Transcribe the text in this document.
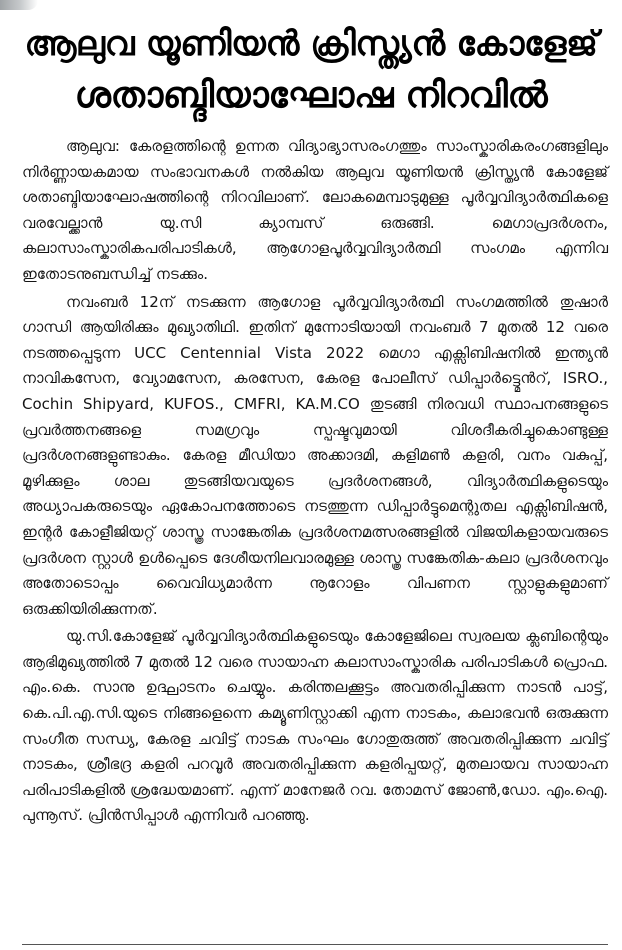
ആലുവ യൂണിയൻ ക്രിസ്ത്യൻ കോളേജ്
ശതാബ്ദിയാഘോഷ നിറവിൽ

ആലുവ: കേരളത്തിന്റെ ഉന്നത വിദ്യാഭ്യാസരംഗത്തും സാംസ്കാരികരംഗങ്ങളിലും നിർണ്ണായകമായ സംഭാവനകൾ നൽകിയ ആലുവ യൂണിയൻ ക്രിസ്ത്യൻ കോളേജ് ശതാബ്ദിയാഘോഷത്തിന്റെ നിറവിലാണ്. ലോകമെമ്പാടുമുള്ള പൂർവ്വവിദ്യാർത്ഥികളെ വരവേല്ക്കാൻ യു.സി ക്യാമ്പസ് ഒരുങ്ങി. മെഗാപ്രദർശനം, കലാസാംസ്കാരികപരിപാടികൾ, ആഗോളപൂർവ്വവിദ്യാർത്ഥി സംഗമം എന്നിവ ഇതോടനുബന്ധിച്ച് നടക്കും.

നവംബർ 12ന് നടക്കുന്ന ആഗോള പൂർവ്വവിദ്യാർത്ഥി സംഗമത്തിൽ തുഷാർ ഗാന്ധി ആയിരിക്കും മുഖ്യാതിഥി. ഇതിന് മുന്നോടിയായി നവംബർ 7 മുതൽ 12 വരെ നടത്തപ്പെടുന്ന UCC Centennial Vista 2022 മെഗാ എക്സിബിഷനിൽ ഇന്ത്യൻ നാവികസേന, വ്യോമസേന, കരസേന, കേരള പോലീസ് ഡിപ്പാർട്ട്മെൻറ്, ISRO., Cochin Shipyard, KUFOS., CMFRI, KA.M.CO തുടങ്ങി നിരവധി സ്ഥാപനങ്ങളുടെ പ്രവർത്തനങ്ങളെ സമഗ്രവും സ്പഷ്ടവുമായി വിശദീകരിച്ചുകൊണ്ടുള്ള പ്രദർശനങ്ങളുണ്ടാകും. കേരള മീഡിയാ അക്കാദമി, കളിമൺ കളരി, വനം വകുപ്പ്, മൂഴിക്കുളം ശാല തുടങ്ങിയവയുടെ പ്രദർശനങ്ങൾ, വിദ്യാർത്ഥികളുടെയും അധ്യാപകരുടെയും ഏകോപനത്തോടെ നടത്തുന്ന ഡിപ്പാർട്ടുമെന്റുതല എക്സിബിഷൻ, ഇന്റർ കോളീജിയറ്റ് ശാസ്ത്ര സാങ്കേതിക പ്രദർശനമത്സരങ്ങളിൽ വിജയികളായവരുടെ പ്രദർശന സ്റ്റാൾ ഉൾപ്പെടെ ദേശീയനിലവാരമുള്ള ശാസ്ത്ര സങ്കേതിക-കലാ പ്രദർശനവും അതോടൊപ്പം വൈവിധ്യമാർന്ന നൂറോളം വിപണന സ്റ്റാളുകളുമാണ് ഒരുക്കിയിരിക്കുന്നത്.

യു.സി.കോളേജ് പൂർവ്വവിദ്യാർത്ഥികളുടെയും കോളേജിലെ സ്വരലയ ക്ലബിന്റെയും ആഭിമുഖ്യത്തിൽ 7 മുതൽ 12 വരെ സായാഹ്ന കലാസാംസ്കാരിക പരിപാടികൾ പ്രൊഫ. എം.കെ. സാനു ഉദ്ഘാടനം ചെയ്യും. കരിന്തലക്കൂട്ടം അവതരിപ്പിക്കുന്ന നാടൻ പാട്ട്, കെ.പി.എ.സി.യുടെ നിങ്ങളെന്നെ കമ്യൂണിസ്റ്റാക്കി എന്ന നാടകം, കലാഭവൻ ഒരുക്കുന്ന സംഗീത സന്ധ്യ, കേരള ചവിട്ട് നാടക സംഘം ഗോതുരുത്ത് അവതരിപ്പിക്കുന്ന ചവിട്ട് നാടകം, ശ്രീഭദ്ര കളരി പറവൂർ അവതരിപ്പിക്കുന്ന കളരിപ്പയറ്റ്, മുതലായവ സായാഹ്ന പരിപാടികളിൽ ശ്രദ്ധേയമാണ്. എന്ന് മാനേജർ റവ. തോമസ് ജോൺ,ഡോ. എം.ഐ. പുന്നൂസ്. പ്രിൻസിപ്പാൾ എന്നിവർ പറഞ്ഞു.
